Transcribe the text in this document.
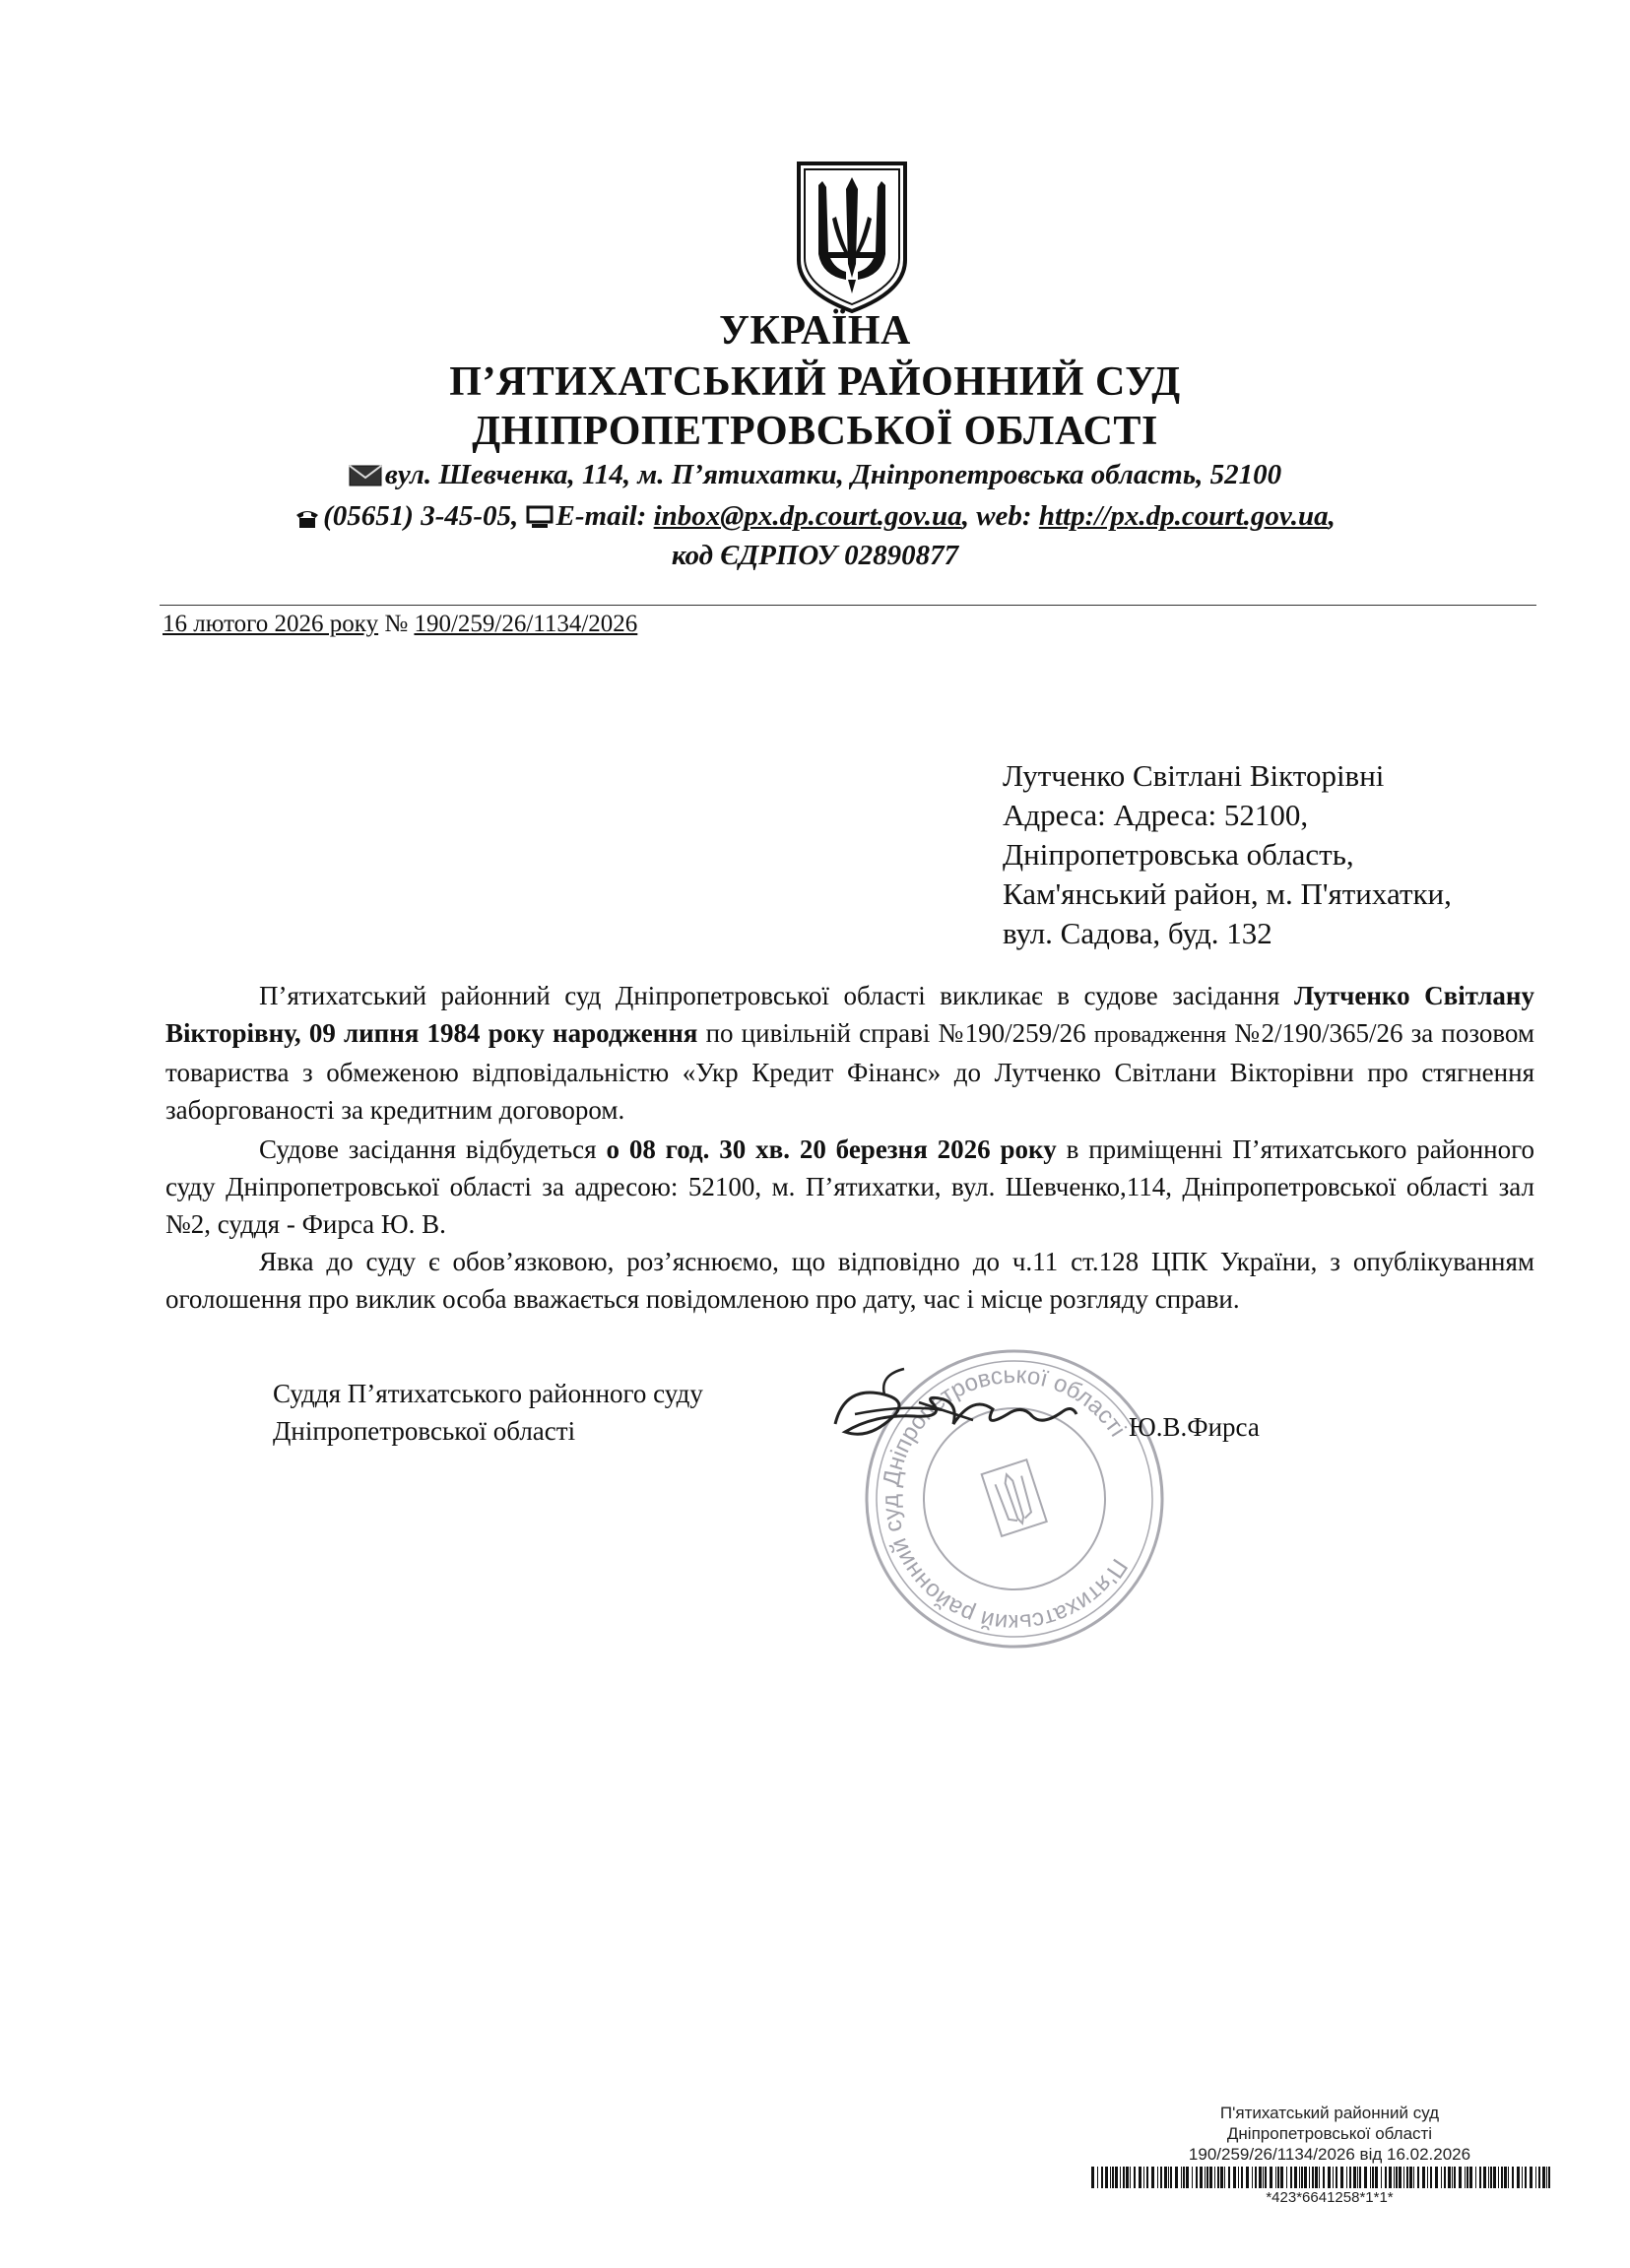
УКРАЇНА
П’ЯТИХАТСЬКИЙ РАЙОННИЙ СУД
ДНІПРОПЕТРОВСЬКОЇ ОБЛАСТІ
вул. Шевченка, 114, м. П’ятихатки, Дніпропетровська область, 52100
(05651) 3-45-05, E-mail: inbox@px.dp.court.gov.ua, web: http://px.dp.court.gov.ua,
код ЄДРПОУ 02890877
16 лютого 2026 року № 190/259/26/1134/2026
Лутченко Світлані Вікторівні
Адреса: Адреса: 52100,
Дніпропетровська область,
Кам'янський район, м. П'ятихатки,
вул. Садова, буд. 132
П’ятихатський районний суд Дніпропетровської області викликає в судове засідання Лутченко Світлану Вікторівну, 09 липня 1984 року народження по цивільній справі №190/259/26 провадження №2/190/365/26 за позовом товариства з обмеженою відповідальністю «Укр Кредит Фінанс» до Лутченко Світлани Вікторівни про стягнення заборгованості за кредитним договором.
Судове засідання відбудеться о 08 год. 30 хв. 20 березня 2026 року в приміщенні П’ятихатського районного суду Дніпропетровської області за адресою: 52100, м. П’ятихатки, вул. Шевченко,114, Дніпропетровської області зал №2, суддя - Фирса Ю. В.
Явка до суду є обов’язковою, роз’яснюємо, що відповідно до ч.11 ст.128 ЦПК України, з опублікуванням оголошення про виклик особа вважається повідомленою про дату, час і місце розгляду справи.
Суддя П’ятихатського районного суду
Дніпропетровської області
П'ятихатський районний суд Дніпропетровської області
Ю.В.Фирса
П'ятихатський районний суд
Дніпропетровської області
190/259/26/1134/2026 від 16.02.2026
*423*6641258*1*1*
